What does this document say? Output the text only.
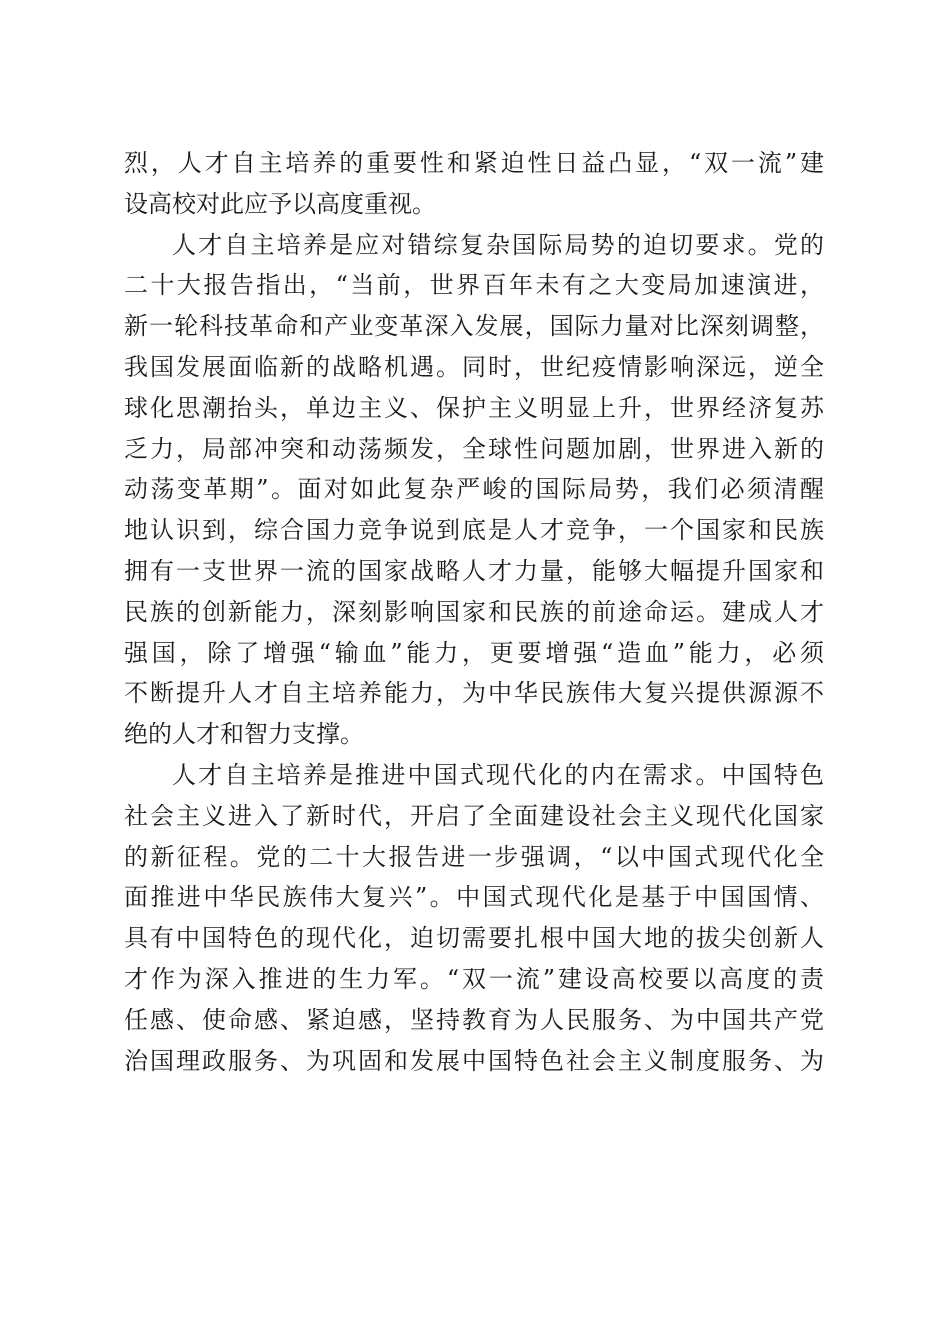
烈，人才自主培养的重要性和紧迫性日益凸显，“双一流”建
设高校对此应予以高度重视。
人才自主培养是应对错综复杂国际局势的迫切要求。党的
二十大报告指出，“当前，世界百年未有之大变局加速演进，
新一轮科技革命和产业变革深入发展，国际力量对比深刻调整，
我国发展面临新的战略机遇。同时，世纪疫情影响深远，逆全
球化思潮抬头，单边主义、保护主义明显上升，世界经济复苏
乏力，局部冲突和动荡频发，全球性问题加剧，世界进入新的
动荡变革期”。面对如此复杂严峻的国际局势，我们必须清醒
地认识到，综合国力竞争说到底是人才竞争，一个国家和民族
拥有一支世界一流的国家战略人才力量，能够大幅提升国家和
民族的创新能力，深刻影响国家和民族的前途命运。建成人才
强国，除了增强“输血”能力，更要增强“造血”能力，必须
不断提升人才自主培养能力，为中华民族伟大复兴提供源源不
绝的人才和智力支撑。
人才自主培养是推进中国式现代化的内在需求。中国特色
社会主义进入了新时代，开启了全面建设社会主义现代化国家
的新征程。党的二十大报告进一步强调，“以中国式现代化全
面推进中华民族伟大复兴”。中国式现代化是基于中国国情、
具有中国特色的现代化，迫切需要扎根中国大地的拔尖创新人
才作为深入推进的生力军。“双一流”建设高校要以高度的责
任感、使命感、紧迫感，坚持教育为人民服务、为中国共产党
治国理政服务、为巩固和发展中国特色社会主义制度服务、为
